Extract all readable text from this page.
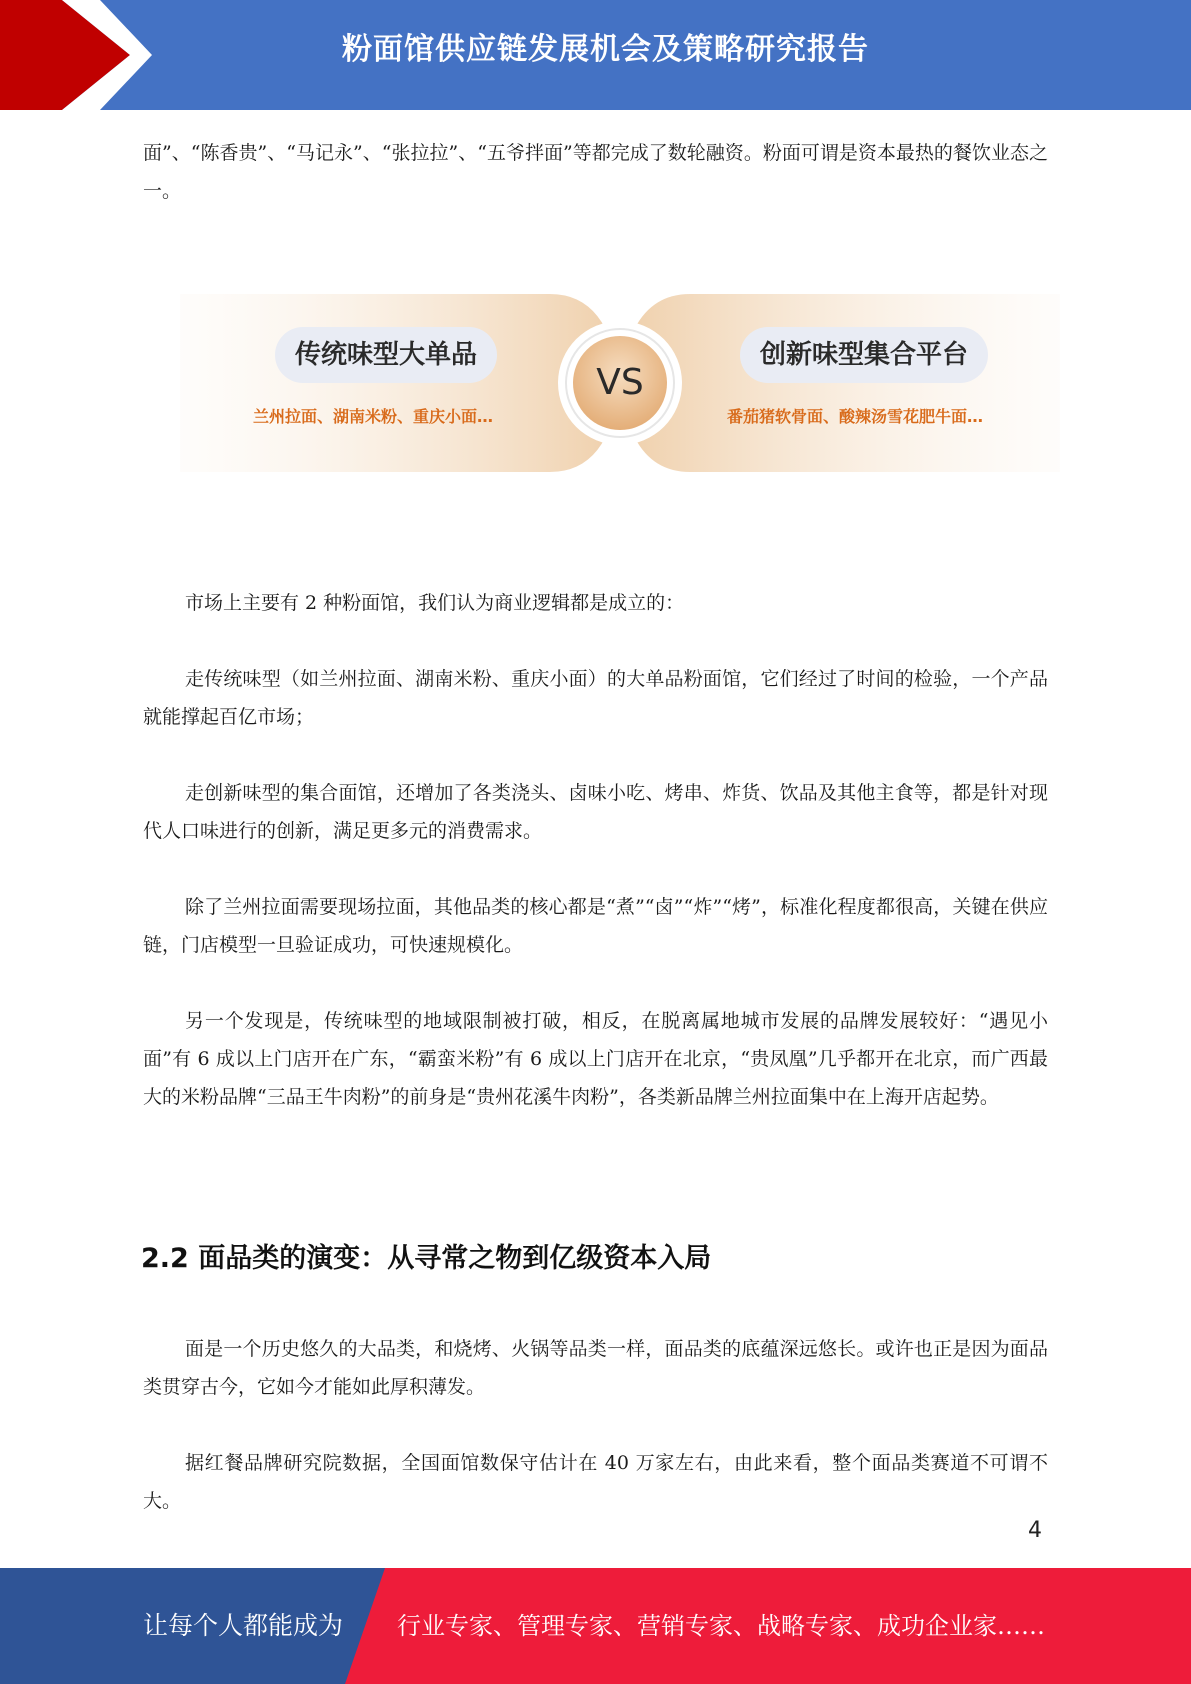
粉面馆供应链发展机会及策略研究报告

面”、“陈香贵”、“马记永”、“张拉拉”、“五爷拌面”等都完成了数轮融资。粉面可谓是资本最热的餐饮业态之一。

传统味型大单品
兰州拉面、湖南米粉、重庆小面…
VS
创新味型集合平台
番茄猪软骨面、酸辣汤雪花肥牛面…

市场上主要有 2 种粉面馆，我们认为商业逻辑都是成立的：

走传统味型（如兰州拉面、湖南米粉、重庆小面）的大单品粉面馆，它们经过了时间的检验，一个产品就能撑起百亿市场；

走创新味型的集合面馆，还增加了各类浇头、卤味小吃、烤串、炸货、饮品及其他主食等，都是针对现代人口味进行的创新，满足更多元的消费需求。

除了兰州拉面需要现场拉面，其他品类的核心都是“煮”“卤”“炸”“烤”，标准化程度都很高，关键在供应链，门店模型一旦验证成功，可快速规模化。

另一个发现是，传统味型的地域限制被打破，相反，在脱离属地城市发展的品牌发展较好：“遇见小面”有 6 成以上门店开在广东，“霸蛮米粉”有 6 成以上门店开在北京，“贵凤凰”几乎都开在北京，而广西最大的米粉品牌“三品王牛肉粉”的前身是“贵州花溪牛肉粉”，各类新品牌兰州拉面集中在上海开店起势。

2.2 面品类的演变：从寻常之物到亿级资本入局

面是一个历史悠久的大品类，和烧烤、火锅等品类一样，面品类的底蕴深远悠长。或许也正是因为面品类贯穿古今，它如今才能如此厚积薄发。

据红餐品牌研究院数据，全国面馆数保守估计在 40 万家左右，由此来看，整个面品类赛道不可谓不大。

4
让每个人都能成为 行业专家、管理专家、营销专家、战略专家、成功企业家……
